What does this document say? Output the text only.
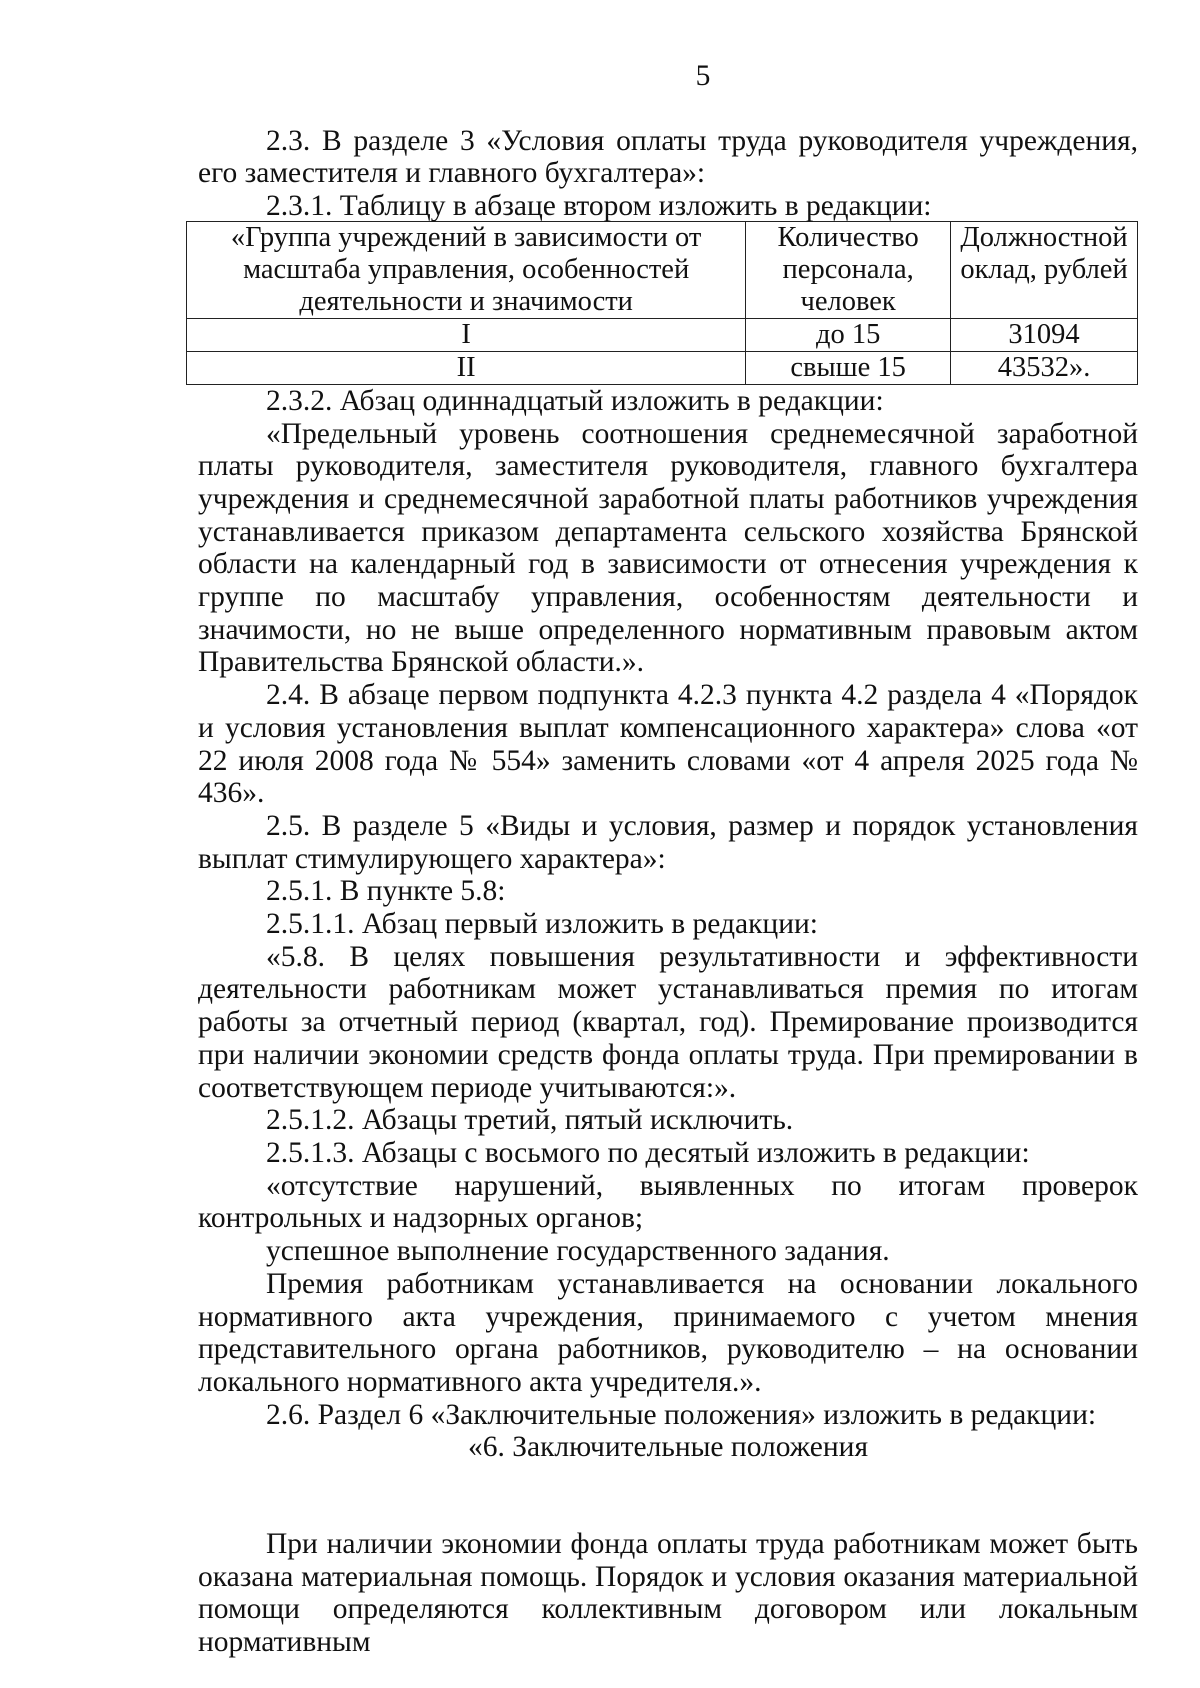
5

2.3. В разделе 3 «Условия оплаты труда руководителя учреждения, его заместителя и главного бухгалтера»:

2.3.1. Таблицу в абзаце втором изложить в редакции:

«Группа учреждений в зависимости от масштаба управления, особенностей деятельности и значимости	Количество персонала, человек	Должностной оклад, рублей
I	до 15	31094
II	свыше 15	43532».

2.3.2. Абзац одиннадцатый изложить в редакции:

«Предельный уровень соотношения среднемесячной заработной платы руководителя, заместителя руководителя, главного бухгалтера учреждения и среднемесячной заработной платы работников учреждения устанавливается приказом департамента сельского хозяйства Брянской области на календарный год в зависимости от отнесения учреждения к группе по масштабу управления, особенностям деятельности и значимости, но не выше определенного нормативным правовым актом Правительства Брянской области.».

2.4. В абзаце первом подпункта 4.2.3 пункта 4.2 раздела 4 «Порядок и условия установления выплат компенсационного характера» слова «от 22 июля 2008 года № 554» заменить словами «от 4 апреля 2025 года № 436».

2.5. В разделе 5 «Виды и условия, размер и порядок установления выплат стимулирующего характера»:

2.5.1. В пункте 5.8:

2.5.1.1. Абзац первый изложить в редакции:

«5.8. В целях повышения результативности и эффективности деятельности работникам может устанавливаться премия по итогам работы за отчетный период (квартал, год). Премирование производится при наличии экономии средств фонда оплаты труда. При премировании в соответствующем периоде учитываются:».

2.5.1.2. Абзацы третий, пятый исключить.

2.5.1.3. Абзацы с восьмого по десятый изложить в редакции:

«отсутствие нарушений, выявленных по итогам проверок контрольных и надзорных органов;

успешное выполнение государственного задания.

Премия работникам устанавливается на основании локального нормативного акта учреждения, принимаемого с учетом мнения представительного органа работников, руководителю – на основании локального нормативного акта учредителя.».

2.6. Раздел 6 «Заключительные положения» изложить в редакции:

«6. Заключительные положения

При наличии экономии фонда оплаты труда работникам может быть оказана материальная помощь. Порядок и условия оказания материальной помощи определяются коллективным договором или локальным нормативным
